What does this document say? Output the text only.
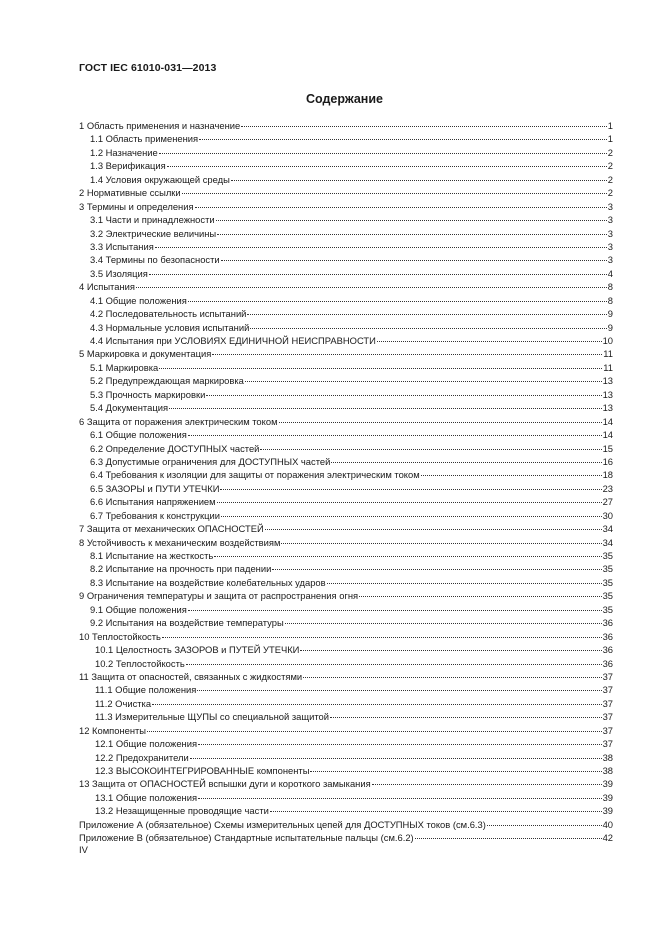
ГОСТ IEC 61010-031—2013
Содержание
1 Область применения и назначение	1
1.1 Область применения	1
1.2 Назначение	2
1.3 Верификация	2
1.4 Условия окружающей среды	2
2 Нормативные ссылки	2
3 Термины и определения	3
3.1 Части и принадлежности	3
3.2 Электрические величины	3
3.3 Испытания	3
3.4 Термины по безопасности	3
3.5 Изоляция	4
4 Испытания	8
4.1 Общие положения	8
4.2 Последовательность испытаний	9
4.3 Нормальные условия испытаний	9
4.4 Испытания при УСЛОВИЯХ ЕДИНИЧНОЙ НЕИСПРАВНОСТИ	10
5 Маркировка и документация	11
5.1 Маркировка	11
5.2 Предупреждающая маркировка	13
5.3 Прочность маркировки	13
5.4 Документация	13
6 Защита от поражения электрическим током	14
6.1 Общие положения	14
6.2 Определение ДОСТУПНЫХ частей	15
6.3 Допустимые ограничения для ДОСТУПНЫХ частей	16
6.4 Требования к изоляции для защиты от поражения электрическим током	18
6.5 ЗАЗОРЫ и ПУТИ УТЕЧКИ	23
6.6 Испытания напряжением	27
6.7 Требования к конструкции	30
7 Защита от механических ОПАСНОСТЕЙ	34
8 Устойчивость к механическим воздействиям	34
8.1 Испытание на жесткость	35
8.2 Испытание на прочность при падении	35
8.3 Испытание на воздействие колебательных ударов	35
9 Ограничения температуры и защита от распространения огня	35
9.1 Общие положения	35
9.2 Испытания на воздействие температуры	36
10 Теплостойкость	36
10.1 Целостность ЗАЗОРОВ и ПУТЕЙ УТЕЧКИ	36
10.2 Теплостойкость	36
11 Защита от опасностей, связанных с жидкостями	37
11.1 Общие положения	37
11.2 Очистка	37
11.3 Измерительные ЩУПЫ со специальной защитой	37
12 Компоненты	37
12.1 Общие положения	37
12.2 Предохранители	38
12.3 ВЫСОКОИНТЕГРИРОВАННЫЕ компоненты	38
13 Защита от ОПАСНОСТЕЙ вспышки дуги и короткого замыкания	39
13.1 Общие положения	39
13.2 Незащищенные проводящие части	39
Приложение А (обязательное) Схемы измерительных цепей для ДОСТУПНЫХ токов (см.6.3)	40
Приложение В (обязательное) Стандартные испытательные пальцы (см.6.2)	42
IV
